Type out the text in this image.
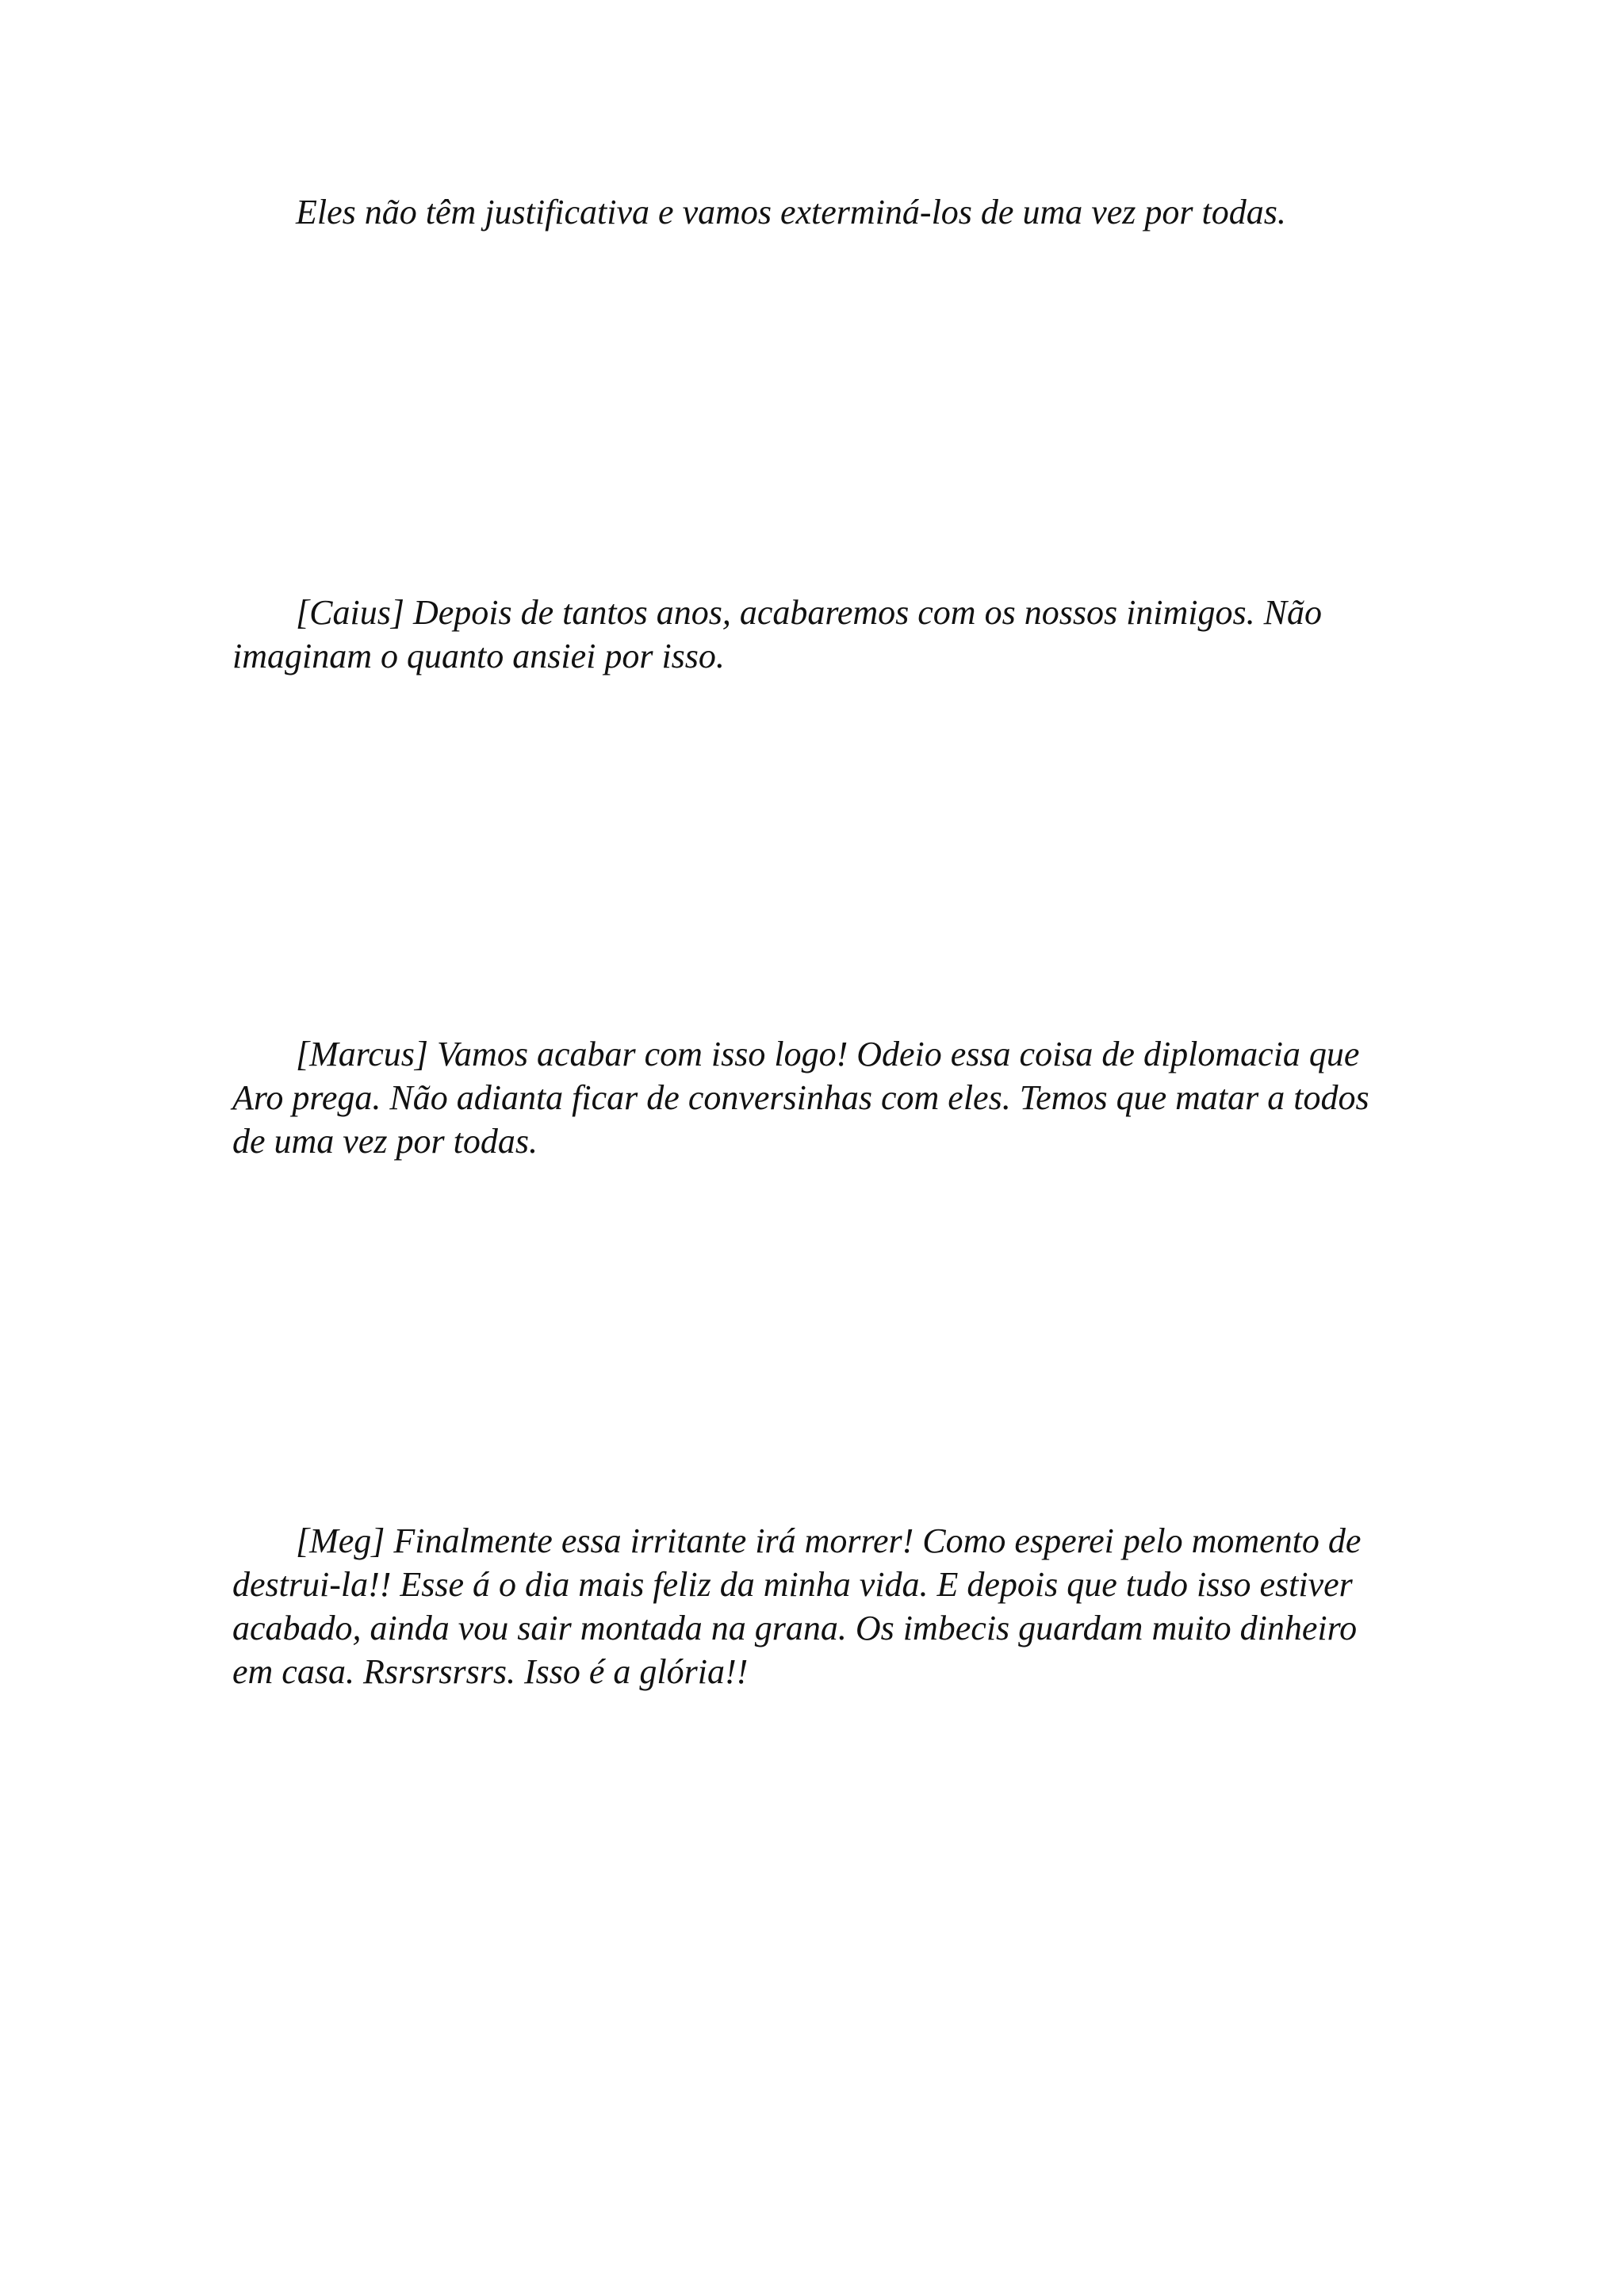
Eles não têm justificativa e vamos exterminá-los de uma vez por todas.

[Caius] Depois de tantos anos, acabaremos com os nossos inimigos. Não imaginam o quanto ansiei por isso.

[Marcus] Vamos acabar com isso logo! Odeio essa coisa de diplomacia que Aro prega. Não adianta ficar de conversinhas com eles. Temos que matar a todos de uma vez por todas.

[Meg] Finalmente essa irritante irá morrer! Como esperei pelo momento de destrui-la!! Esse á o dia mais feliz da minha vida. E depois que tudo isso estiver acabado, ainda vou sair montada na grana. Os imbecis guardam muito dinheiro em casa. Rsrsrsrsrs. Isso é a glória!!
